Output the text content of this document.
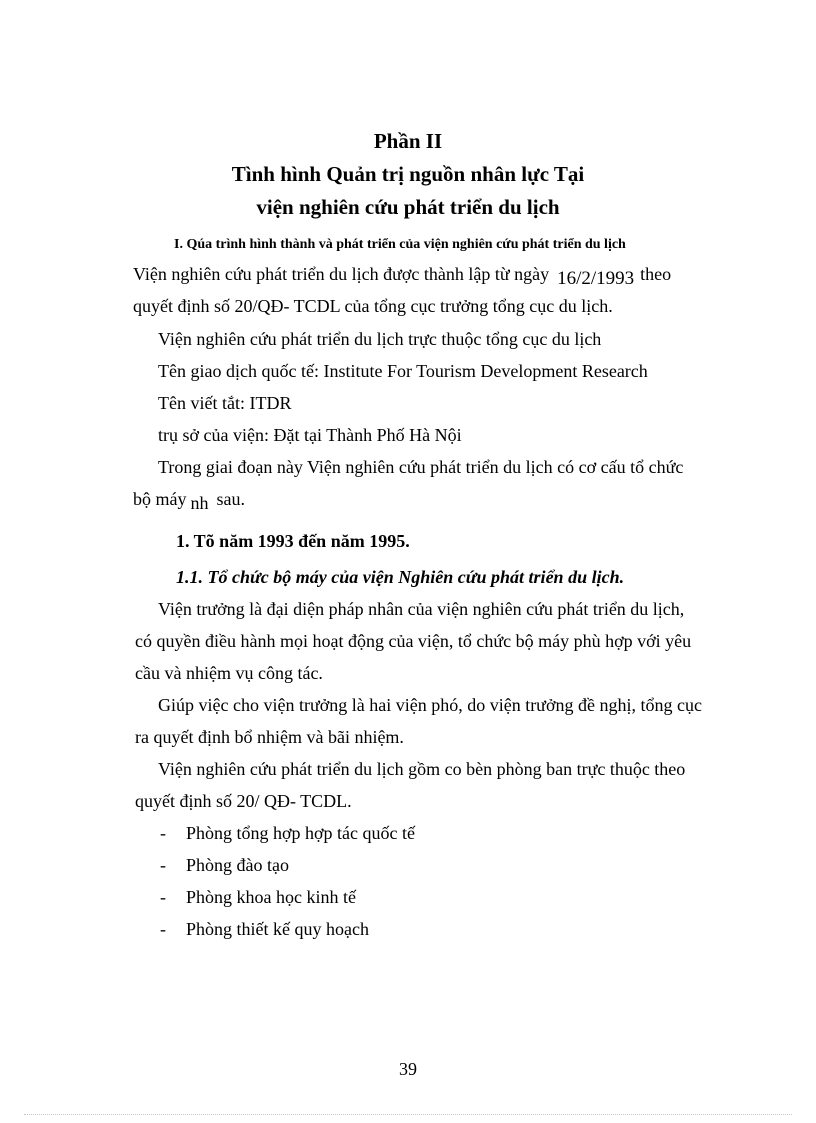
Phần II
Tình hình Quản trị nguồn nhân lực Tại
viện nghiên cứu phát triển du lịch
I. Qúa trình hình thành và phát triển của viện nghiên cứu phát triển du lịch
Viện nghiên cứu phát triển du lịch được thành lập từ ngày 16/2/1993 theo
quyết định số 20/QĐ- TCDL của tổng cục trưởng tổng cục du lịch.
Viện nghiên cứu phát triển du lịch trực thuộc tổng cục du lịch
Tên giao dịch quốc tế: Institute For Tourism Development Research
Tên viết tắt: ITDR
trụ sở của viện: Đặt tại Thành Phố Hà Nội
Trong giai đoạn này Viện nghiên cứu phát triển du lịch có cơ cấu tổ chức
bộ máy nh sau.
1. Tõ năm 1993 đến năm 1995.
1.1. Tổ chức bộ máy của viện Nghiên cứu phát triển du lịch.
Viện trưởng là đại diện pháp nhân của viện nghiên cứu phát triển du lịch,
có quyền điều hành mọi hoạt động của viện, tổ chức bộ máy phù hợp với yêu
cầu và nhiệm vụ công tác.
Giúp việc cho viện trưởng là hai viện phó, do viện trưởng đề nghị, tổng cục
ra quyết định bổ nhiệm và bãi nhiệm.
Viện nghiên cứu phát triển du lịch gồm co bèn phòng ban trực thuộc theo
quyết định số 20/ QĐ- TCDL.
- Phòng tổng hợp hợp tác quốc tế
- Phòng đào tạo
- Phòng khoa học kinh tế
- Phòng thiết kế quy hoạch
39
